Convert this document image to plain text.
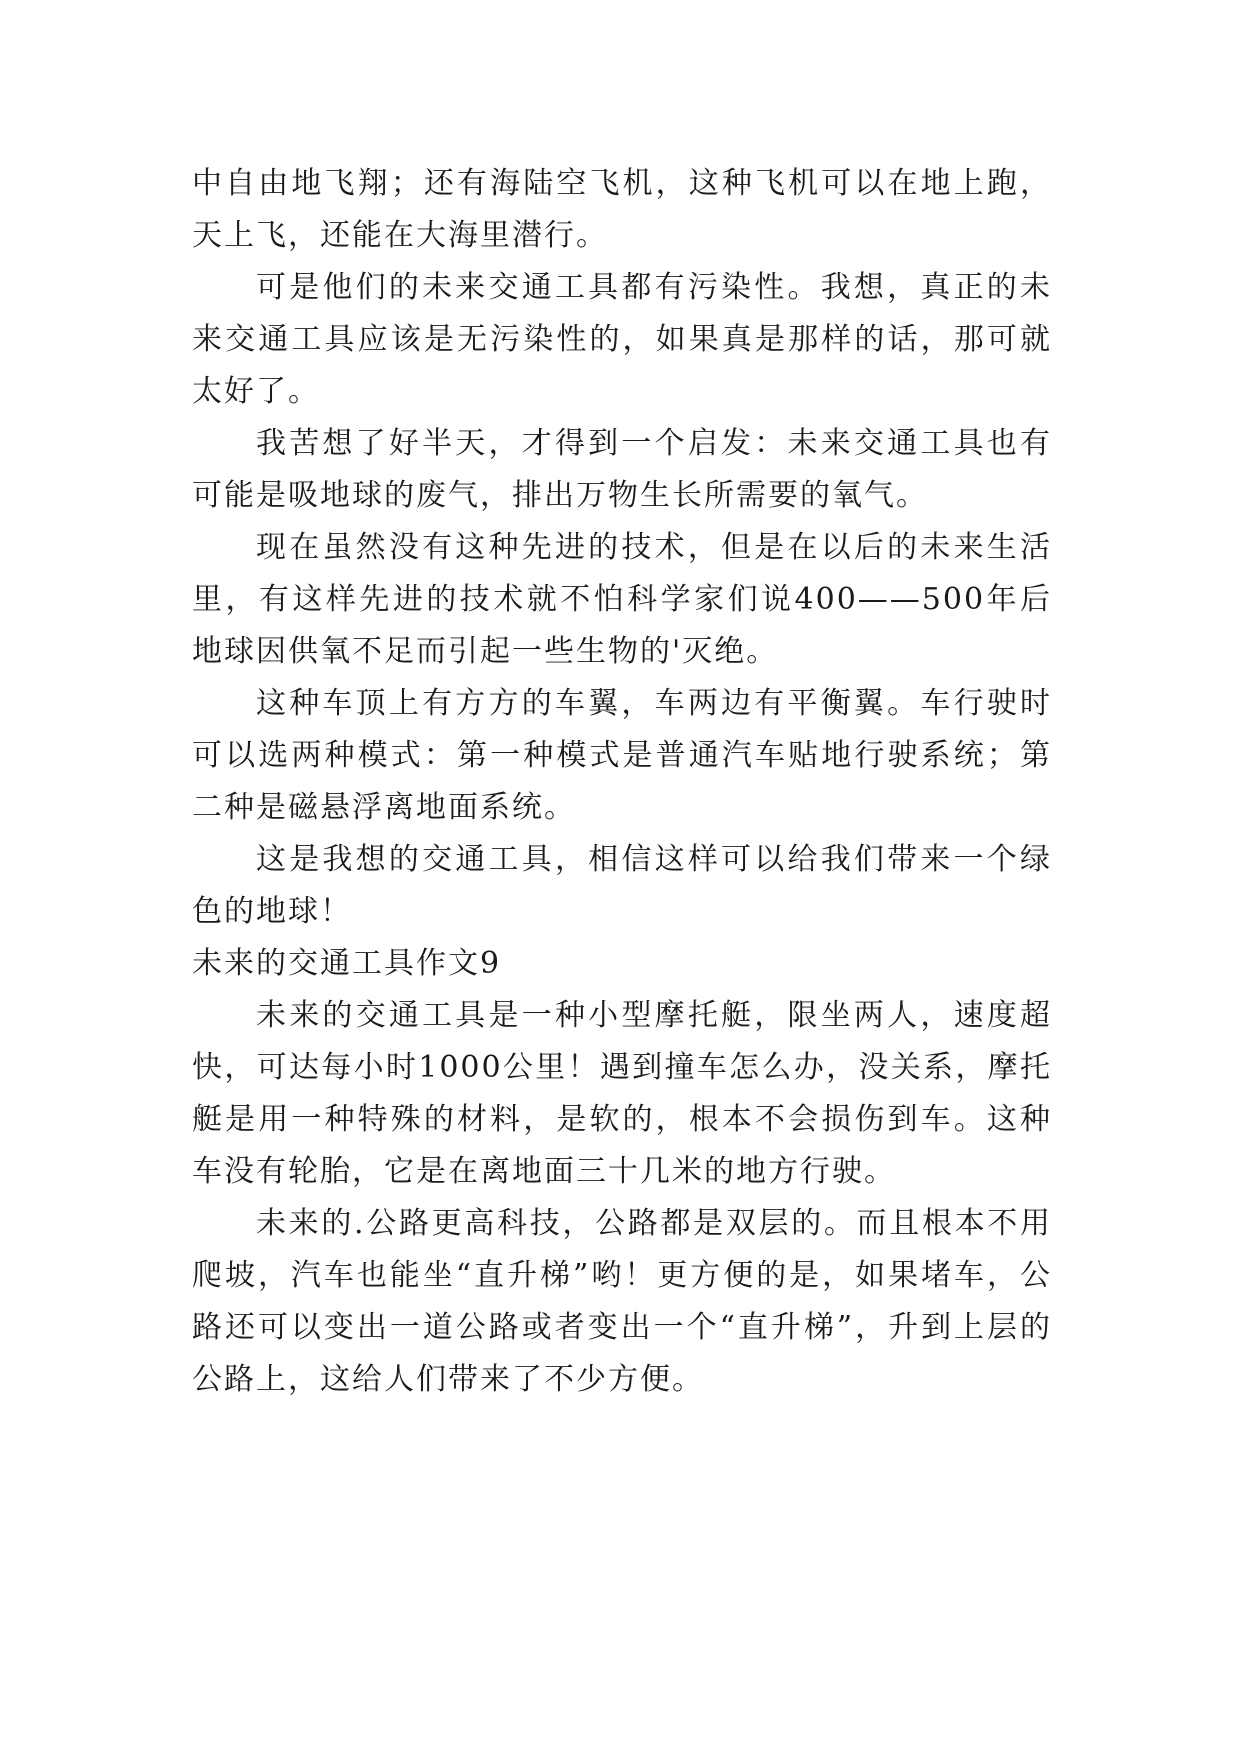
中自由地飞翔；还有海陆空飞机，这种飞机可以在地上跑，天上飞，还能在大海里潜行。

可是他们的未来交通工具都有污染性。我想，真正的未来交通工具应该是无污染性的，如果真是那样的话，那可就太好了。

我苦想了好半天，才得到一个启发：未来交通工具也有可能是吸地球的废气，排出万物生长所需要的氧气。

现在虽然没有这种先进的技术，但是在以后的未来生活里，有这样先进的技术就不怕科学家们说400——500年后地球因供氧不足而引起一些生物的'灭绝。

这种车顶上有方方的车翼，车两边有平衡翼。车行驶时可以选两种模式：第一种模式是普通汽车贴地行驶系统；第二种是磁悬浮离地面系统。

这是我想的交通工具，相信这样可以给我们带来一个绿色的地球！

未来的交通工具作文9

未来的交通工具是一种小型摩托艇，限坐两人，速度超快，可达每小时1000公里！遇到撞车怎么办，没关系，摩托艇是用一种特殊的材料，是软的，根本不会损伤到车。这种车没有轮胎，它是在离地面三十几米的地方行驶。

未来的.公路更高科技，公路都是双层的。而且根本不用爬坡，汽车也能坐“直升梯”哟！更方便的是，如果堵车，公路还可以变出一道公路或者变出一个“直升梯”，升到上层的公路上，这给人们带来了不少方便。
